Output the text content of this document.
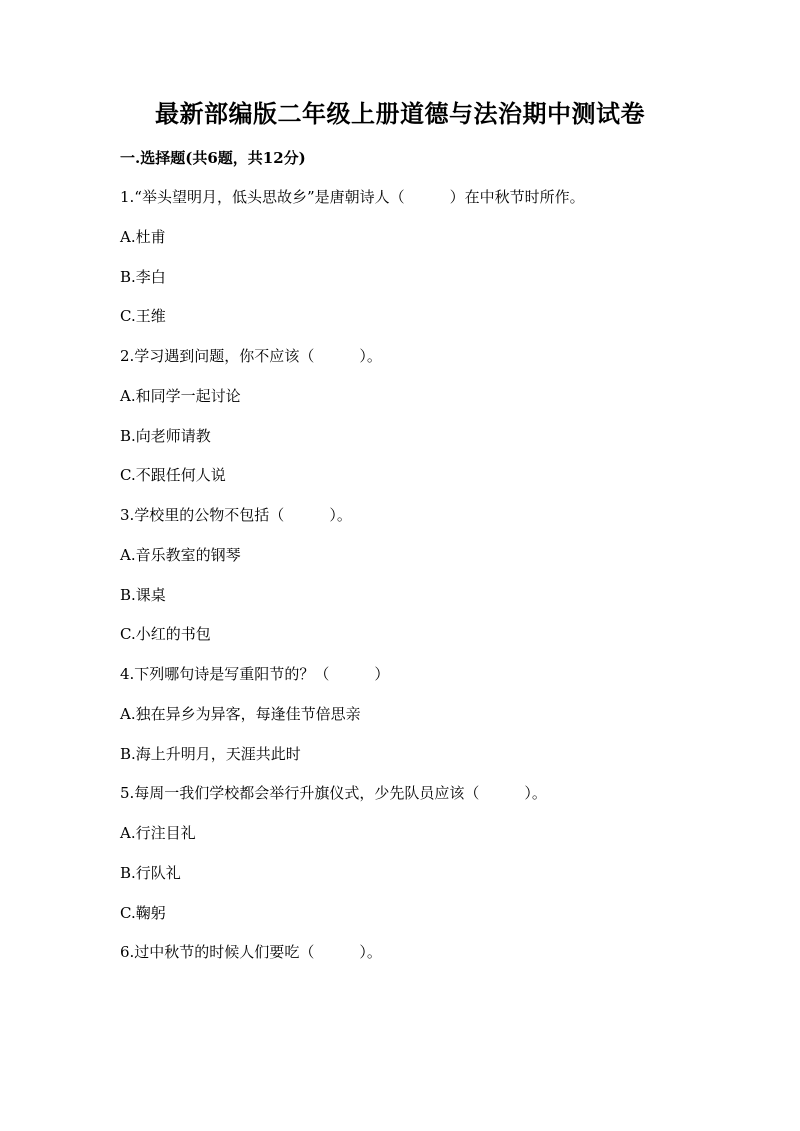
最新部编版二年级上册道德与法治期中测试卷
一.选择题(共6题，共12分)
1.“举头望明月，低头思故乡”是唐朝诗人（　　　）在中秋节时所作。
A.杜甫
B.李白
C.王维
2.学习遇到问题，你不应该（　　　）。
A.和同学一起讨论
B.向老师请教
C.不跟任何人说
3.学校里的公物不包括（　　　）。
A.音乐教室的钢琴
B.课桌
C.小红的书包
4.下列哪句诗是写重阳节的？（　　　）
A.独在异乡为异客，每逢佳节倍思亲
B.海上升明月，天涯共此时
5.每周一我们学校都会举行升旗仪式，少先队员应该（　　　）。
A.行注目礼
B.行队礼
C.鞠躬
6.过中秋节的时候人们要吃（　　　）。
